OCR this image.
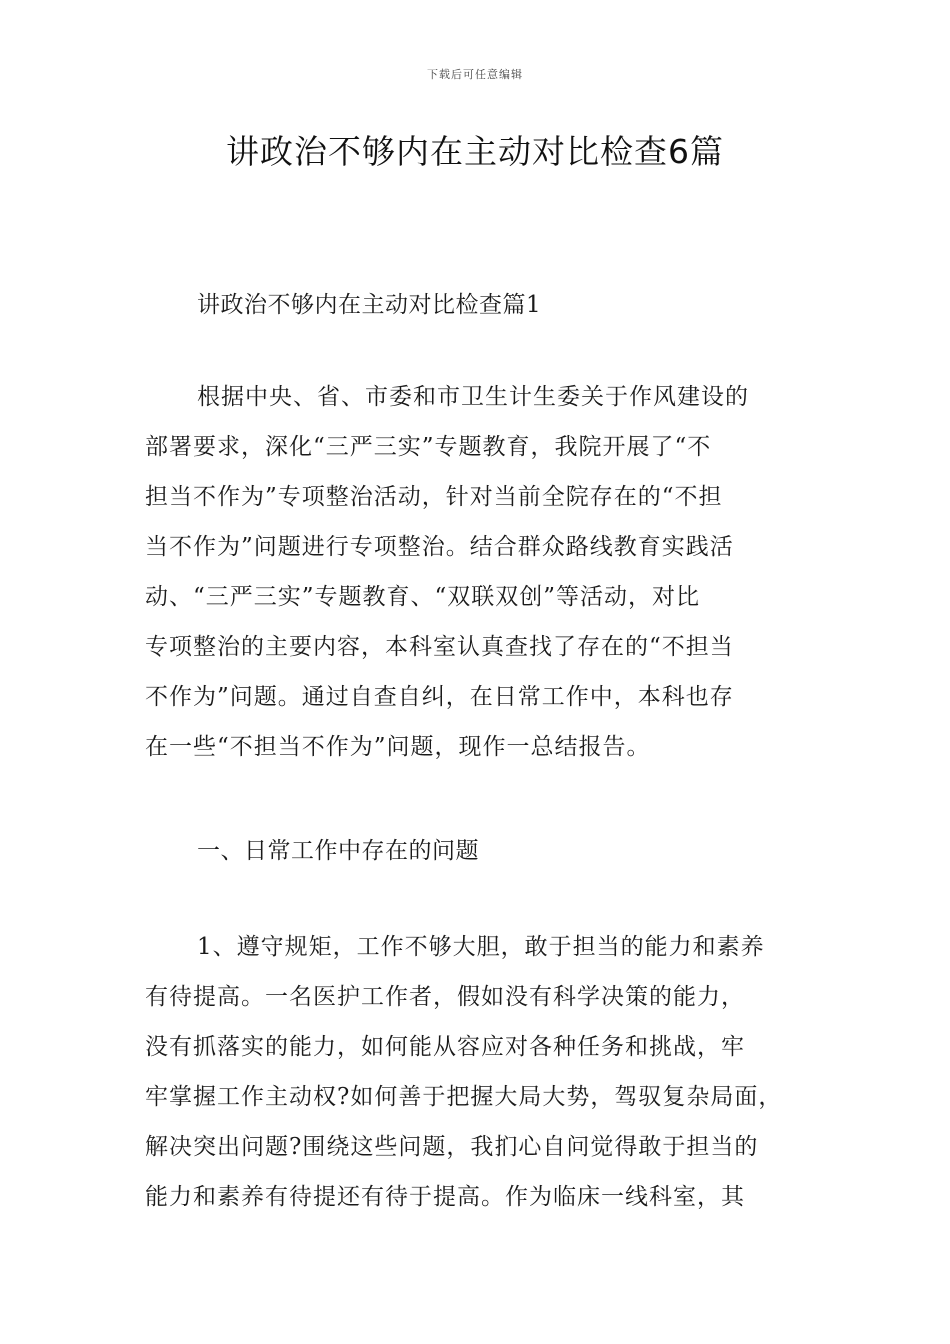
下载后可任意编辑
讲政治不够内在主动对比检查6篇
讲政治不够内在主动对比检查篇1
根据中央、省、市委和市卫生计生委关于作风建设的
部署要求，深化“三严三实”专题教育，我院开展了“不
担当不作为”专项整治活动，针对当前全院存在的“不担
当不作为”问题进行专项整治。结合群众路线教育实践活
动、“三严三实”专题教育、“双联双创”等活动，对比
专项整治的主要内容，本科室认真查找了存在的“不担当
不作为”问题。通过自查自纠，在日常工作中，本科也存
在一些“不担当不作为”问题，现作一总结报告。
一、日常工作中存在的问题
1、遵守规矩，工作不够大胆，敢于担当的能力和素养
有待提高。一名医护工作者，假如没有科学决策的能力，
没有抓落实的能力，如何能从容应对各种任务和挑战，牢
牢掌握工作主动权?如何善于把握大局大势，驾驭复杂局面，
解决突出问题?围绕这些问题，我扪心自问觉得敢于担当的
能力和素养有待提还有待于提高。作为临床一线科室，其
